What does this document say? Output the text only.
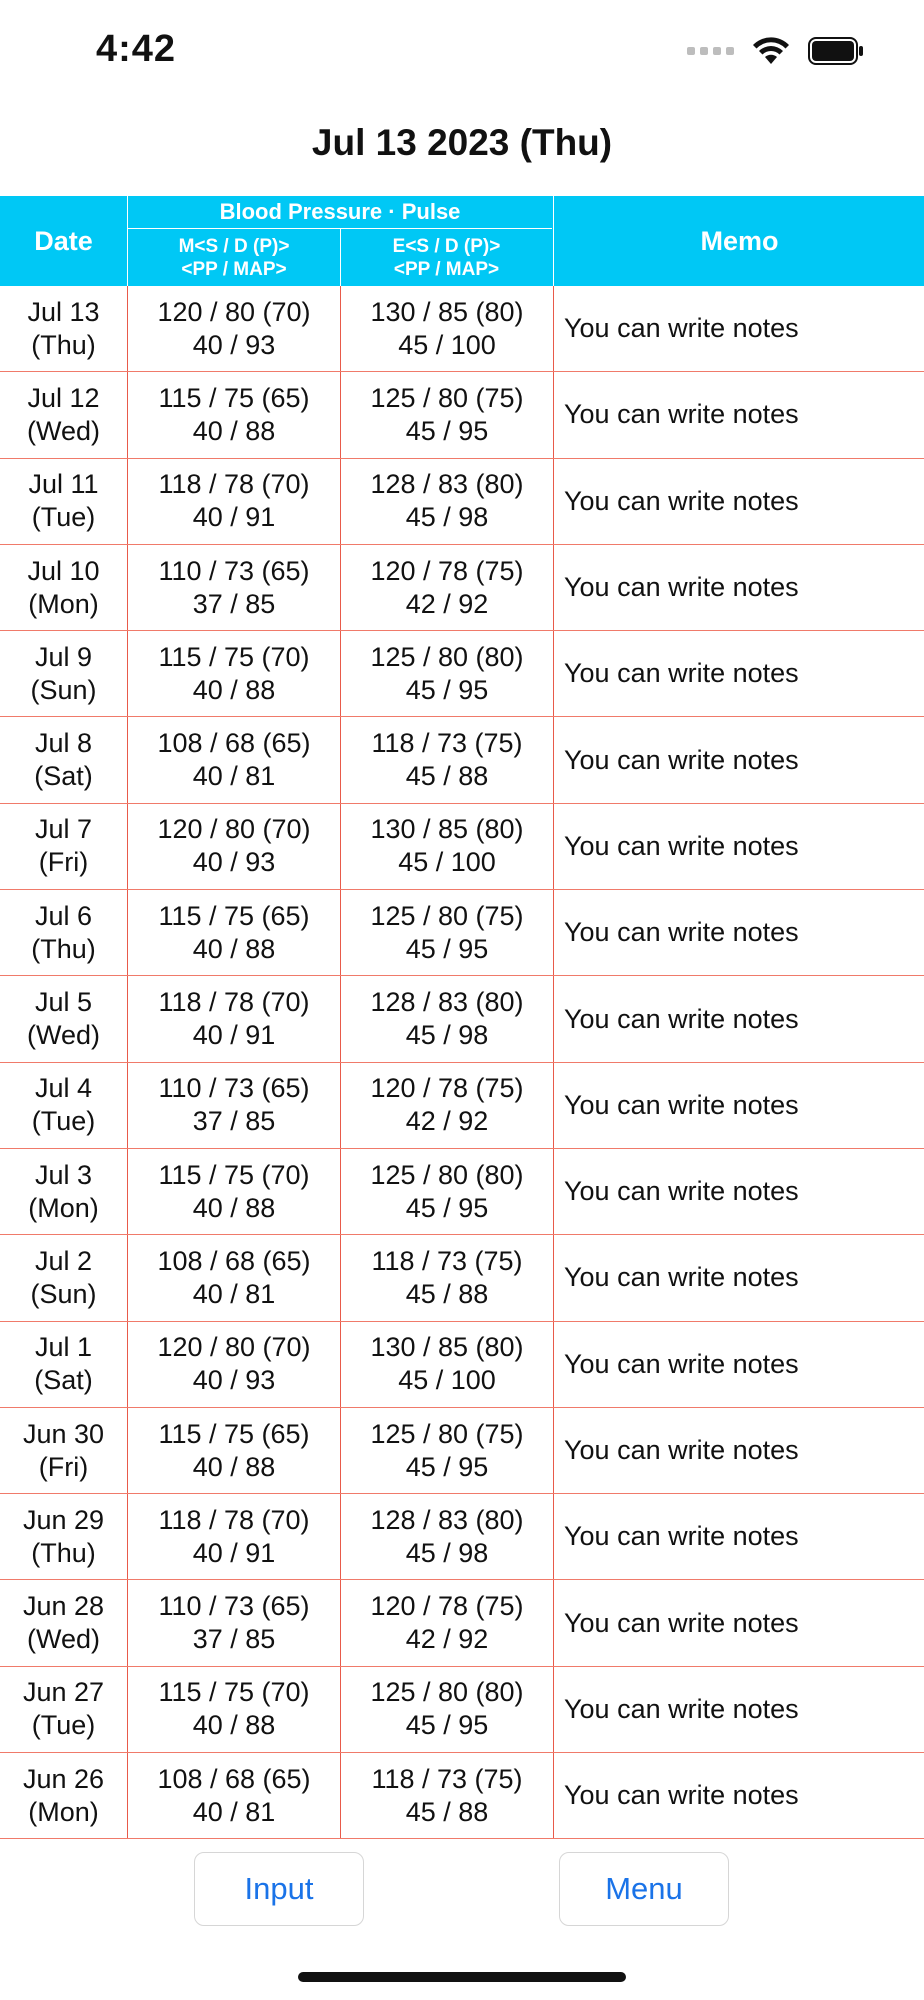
4:42
Jul 13 2023 (Thu)
Date
Blood Pressure · Pulse
M<S / D (P)>
<PP / MAP>
E<S / D (P)>
<PP / MAP>
Memo
Jul 13
(Thu)
120 / 80 (70)
40 / 93
130 / 85 (80)
45 / 100
You can write notes
Jul 12
(Wed)
115 / 75 (65)
40 / 88
125 / 80 (75)
45 / 95
You can write notes
Jul 11
(Tue)
118 / 78 (70)
40 / 91
128 / 83 (80)
45 / 98
You can write notes
Jul 10
(Mon)
110 / 73 (65)
37 / 85
120 / 78 (75)
42 / 92
You can write notes
Jul 9
(Sun)
115 / 75 (70)
40 / 88
125 / 80 (80)
45 / 95
You can write notes
Jul 8
(Sat)
108 / 68 (65)
40 / 81
118 / 73 (75)
45 / 88
You can write notes
Jul 7
(Fri)
120 / 80 (70)
40 / 93
130 / 85 (80)
45 / 100
You can write notes
Jul 6
(Thu)
115 / 75 (65)
40 / 88
125 / 80 (75)
45 / 95
You can write notes
Jul 5
(Wed)
118 / 78 (70)
40 / 91
128 / 83 (80)
45 / 98
You can write notes
Jul 4
(Tue)
110 / 73 (65)
37 / 85
120 / 78 (75)
42 / 92
You can write notes
Jul 3
(Mon)
115 / 75 (70)
40 / 88
125 / 80 (80)
45 / 95
You can write notes
Jul 2
(Sun)
108 / 68 (65)
40 / 81
118 / 73 (75)
45 / 88
You can write notes
Jul 1
(Sat)
120 / 80 (70)
40 / 93
130 / 85 (80)
45 / 100
You can write notes
Jun 30
(Fri)
115 / 75 (65)
40 / 88
125 / 80 (75)
45 / 95
You can write notes
Jun 29
(Thu)
118 / 78 (70)
40 / 91
128 / 83 (80)
45 / 98
You can write notes
Jun 28
(Wed)
110 / 73 (65)
37 / 85
120 / 78 (75)
42 / 92
You can write notes
Jun 27
(Tue)
115 / 75 (70)
40 / 88
125 / 80 (80)
45 / 95
You can write notes
Jun 26
(Mon)
108 / 68 (65)
40 / 81
118 / 73 (75)
45 / 88
You can write notes
Input	Menu
